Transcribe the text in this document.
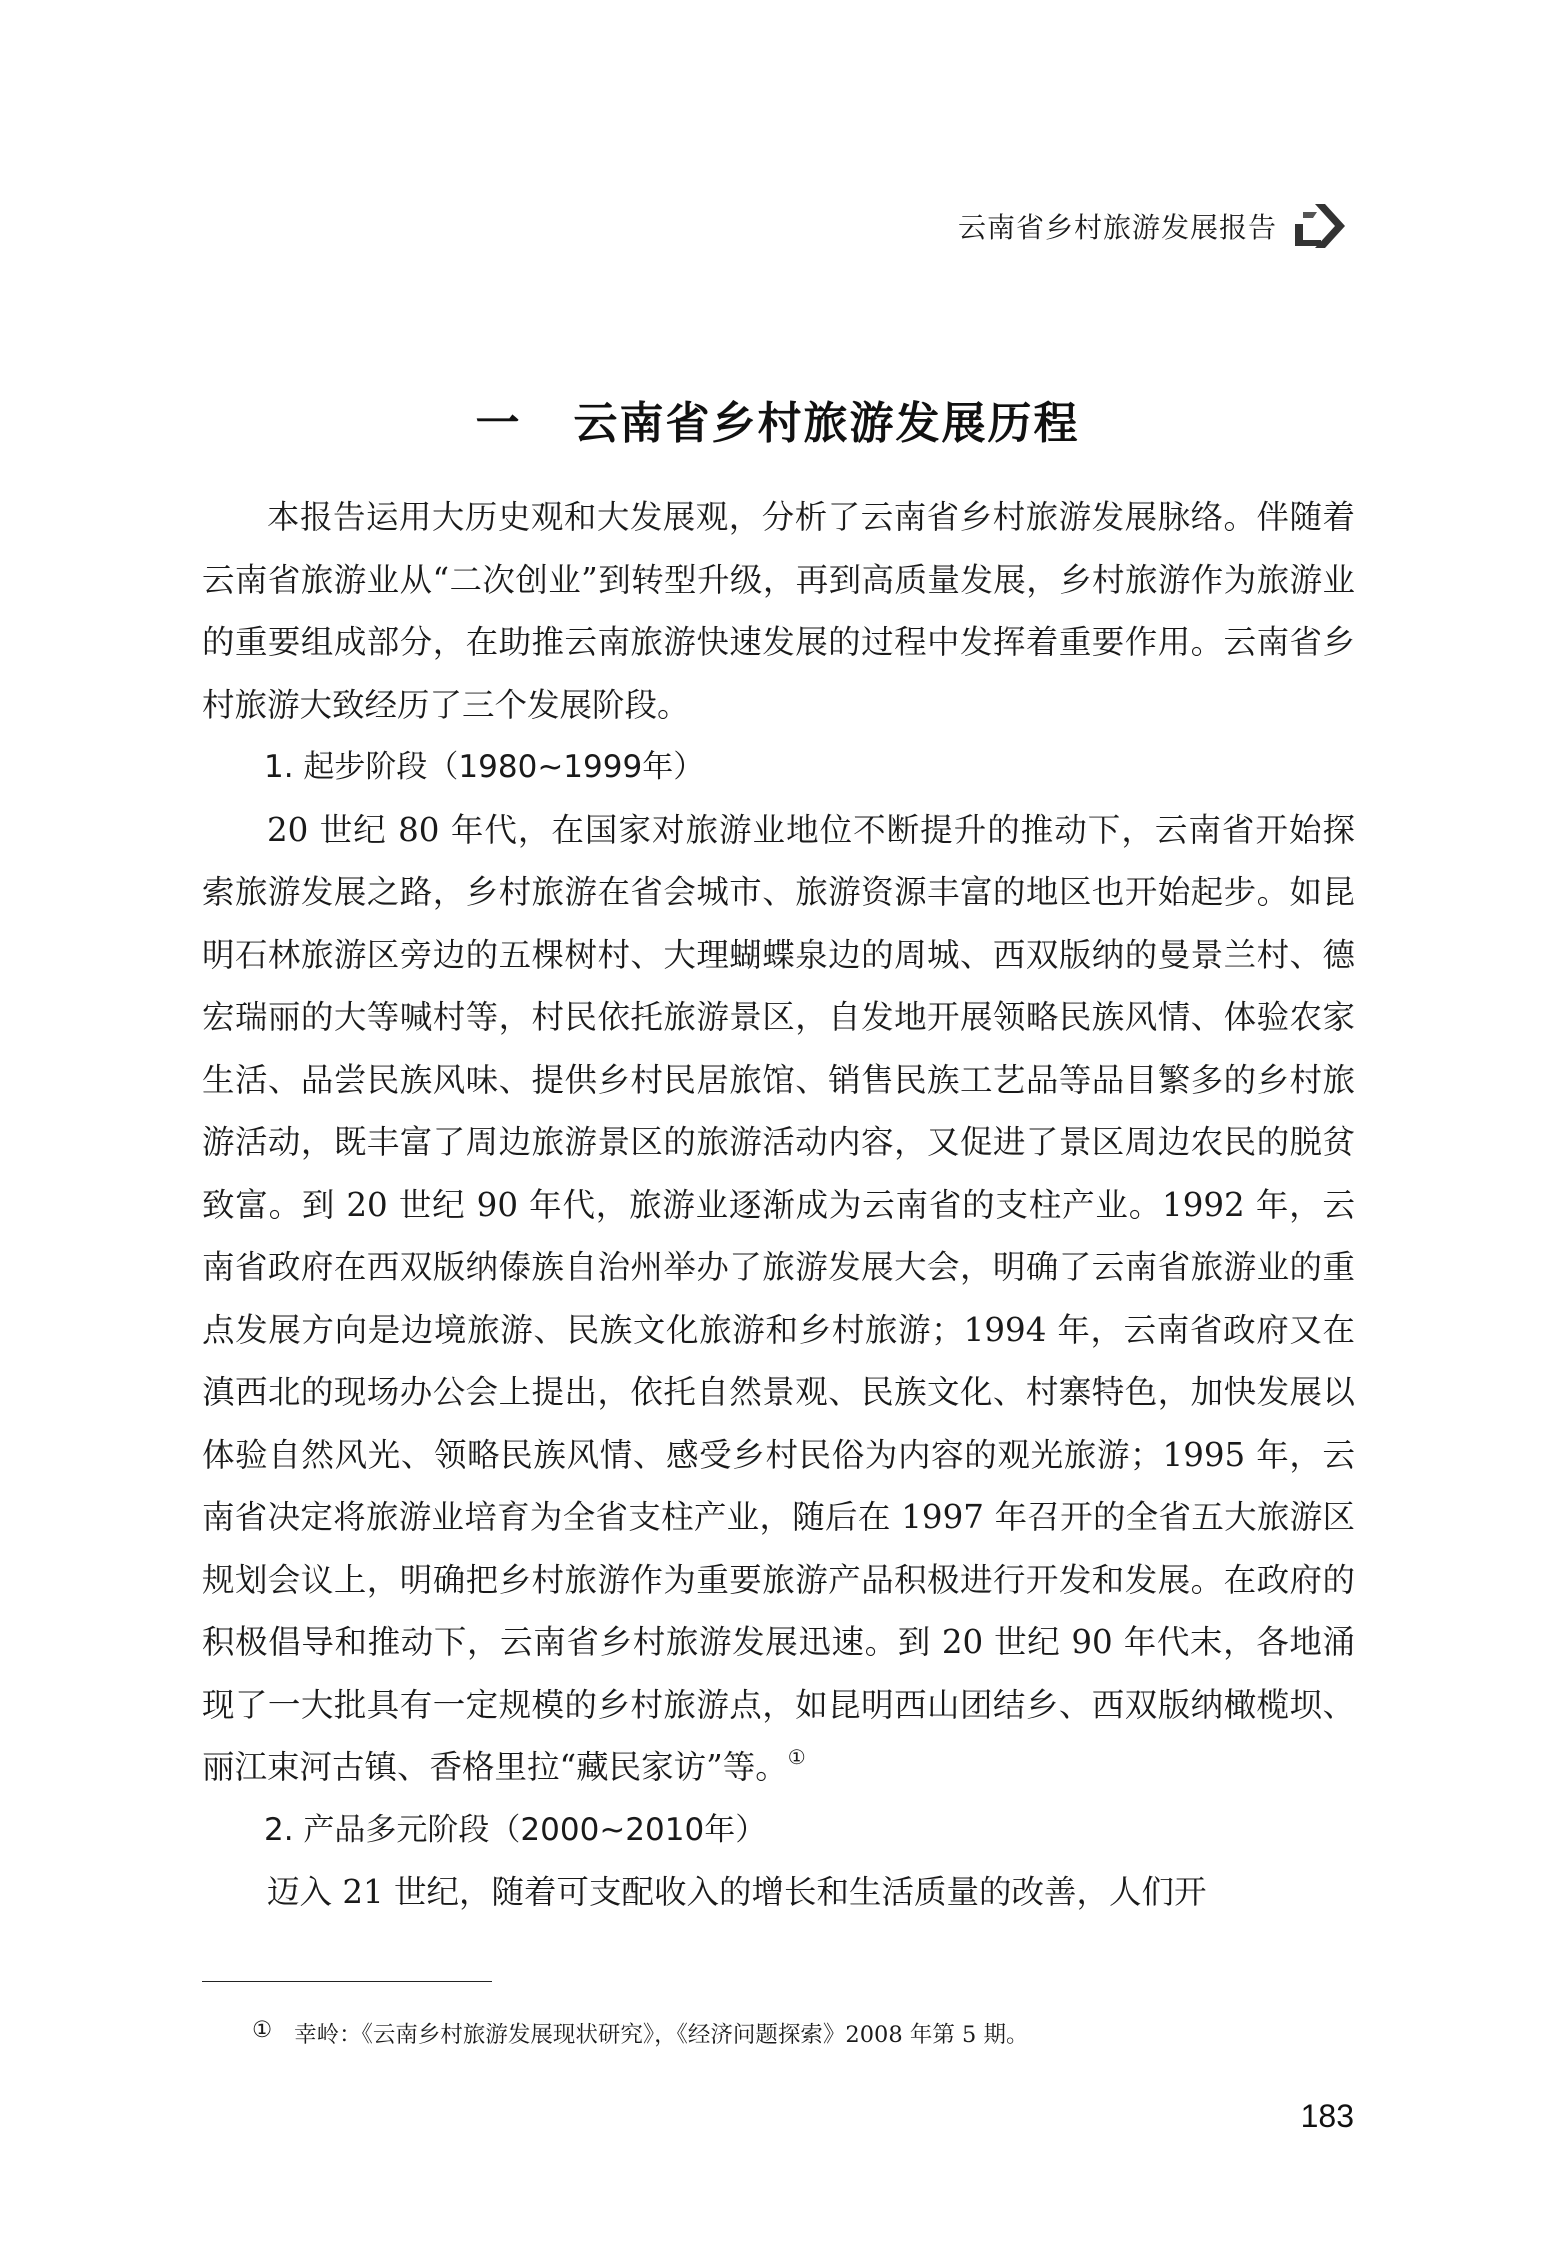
云南省乡村旅游发展报告
一 云南省乡村旅游发展历程

本报告运用大历史观和大发展观，分析了云南省乡村旅游发展脉络。伴随着云南省旅游业从“二次创业”到转型升级，再到高质量发展，乡村旅游作为旅游业的重要组成部分，在助推云南旅游快速发展的过程中发挥着重要作用。云南省乡村旅游大致经历了三个发展阶段。

1. 起步阶段（1980~1999年）

20 世纪 80 年代，在国家对旅游业地位不断提升的推动下，云南省开始探索旅游发展之路，乡村旅游在省会城市、旅游资源丰富的地区也开始起步。如昆明石林旅游区旁边的五棵树村、大理蝴蝶泉边的周城、西双版纳的曼景兰村、德宏瑞丽的大等喊村等，村民依托旅游景区，自发地开展领略民族风情、体验农家生活、品尝民族风味、提供乡村民居旅馆、销售民族工艺品等品目繁多的乡村旅游活动，既丰富了周边旅游景区的旅游活动内容，又促进了景区周边农民的脱贫致富。到 20 世纪 90 年代，旅游业逐渐成为云南省的支柱产业。1992 年，云南省政府在西双版纳傣族自治州举办了旅游发展大会，明确了云南省旅游业的重点发展方向是边境旅游、民族文化旅游和乡村旅游；1994 年，云南省政府又在滇西北的现场办公会上提出，依托自然景观、民族文化、村寨特色，加快发展以体验自然风光、领略民族风情、感受乡村民俗为内容的观光旅游；1995 年，云南省决定将旅游业培育为全省支柱产业，随后在 1997 年召开的全省五大旅游区规划会议上，明确把乡村旅游作为重要旅游产品积极进行开发和发展。在政府的积极倡导和推动下，云南省乡村旅游发展迅速。到 20 世纪 90 年代末，各地涌现了一大批具有一定规模的乡村旅游点，如昆明西山团结乡、西双版纳橄榄坝、丽江束河古镇、香格里拉“藏民家访”等。①

2. 产品多元阶段（2000~2010年）

迈入 21 世纪，随着可支配收入的增长和生活质量的改善，人们开

① 幸岭：《云南乡村旅游发展现状研究》，《经济问题探索》2008 年第 5 期。
183
